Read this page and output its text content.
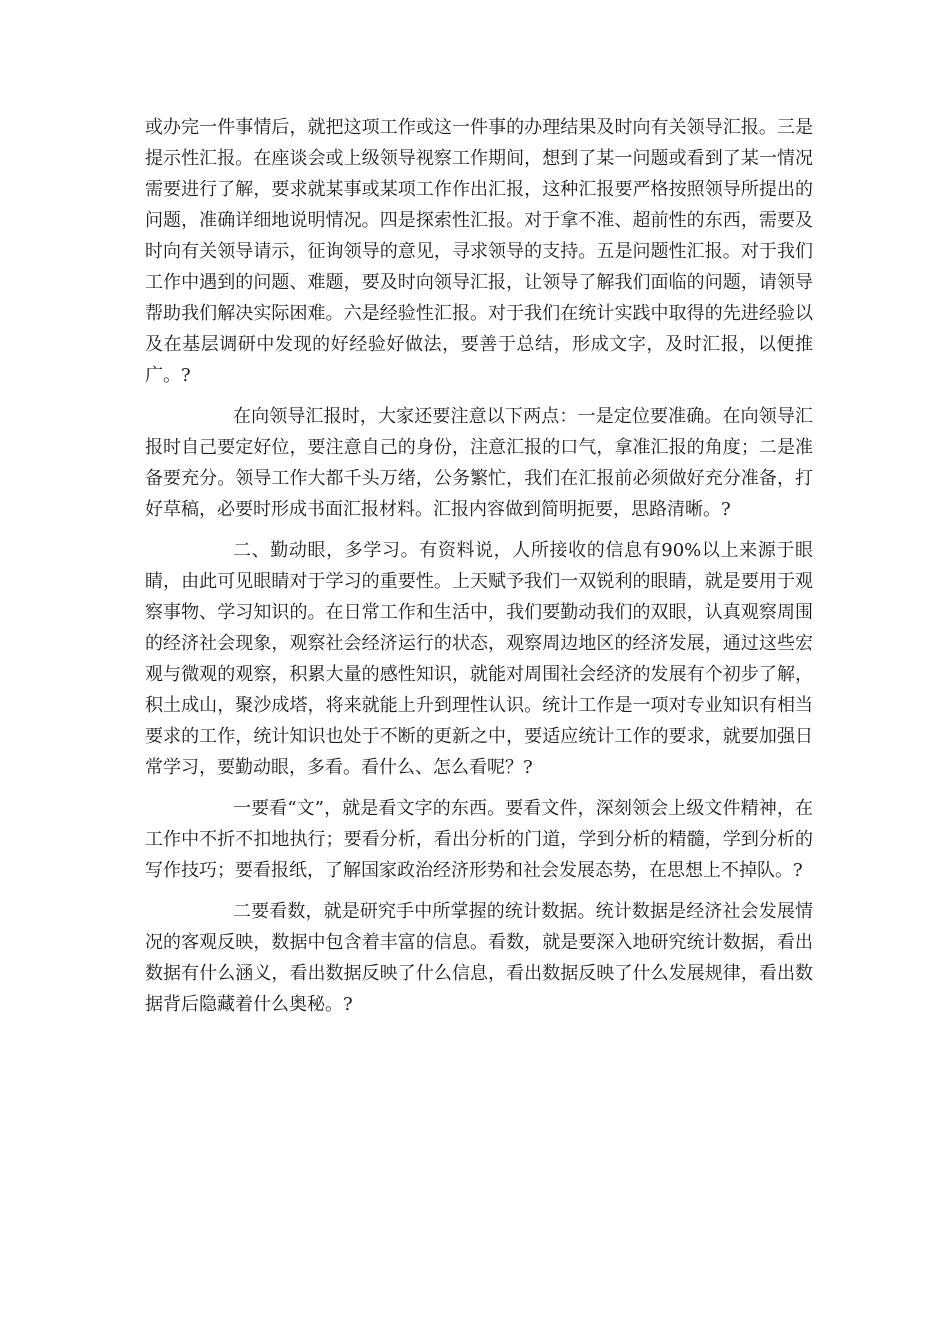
或办完一件事情后，就把这项工作或这一件事的办理结果及时向有关领导汇报。三是提示性汇报。在座谈会或上级领导视察工作期间，想到了某一问题或看到了某一情况需要进行了解，要求就某事或某项工作作出汇报，这种汇报要严格按照领导所提出的问题，准确详细地说明情况。四是探索性汇报。对于拿不准、超前性的东西，需要及时向有关领导请示，征询领导的意见，寻求领导的支持。五是问题性汇报。对于我们工作中遇到的问题、难题，要及时向领导汇报，让领导了解我们面临的问题，请领导帮助我们解决实际困难。六是经验性汇报。对于我们在统计实践中取得的先进经验以及在基层调研中发现的好经验好做法，要善于总结，形成文字，及时汇报，以便推广。?

在向领导汇报时，大家还要注意以下两点：一是定位要准确。在向领导汇报时自己要定好位，要注意自己的身份，注意汇报的口气，拿准汇报的角度；二是准备要充分。领导工作大都千头万绪，公务繁忙，我们在汇报前必须做好充分准备，打好草稿，必要时形成书面汇报材料。汇报内容做到简明扼要，思路清晰。?

二、勤动眼，多学习。有资料说，人所接收的信息有90%以上来源于眼睛，由此可见眼睛对于学习的重要性。上天赋予我们一双锐利的眼睛，就是要用于观察事物、学习知识的。在日常工作和生活中，我们要勤动我们的双眼，认真观察周围的经济社会现象，观察社会经济运行的状态，观察周边地区的经济发展，通过这些宏观与微观的观察，积累大量的感性知识，就能对周围社会经济的发展有个初步了解，积土成山，聚沙成塔，将来就能上升到理性认识。统计工作是一项对专业知识有相当要求的工作，统计知识也处于不断的更新之中，要适应统计工作的要求，就要加强日常学习，要勤动眼，多看。看什么、怎么看呢？?

一要看“文”，就是看文字的东西。要看文件，深刻领会上级文件精神，在工作中不折不扣地执行；要看分析，看出分析的门道，学到分析的精髓，学到分析的写作技巧；要看报纸，了解国家政治经济形势和社会发展态势，在思想上不掉队。?

二要看数，就是研究手中所掌握的统计数据。统计数据是经济社会发展情况的客观反映，数据中包含着丰富的信息。看数，就是要深入地研究统计数据，看出数据有什么涵义，看出数据反映了什么信息，看出数据反映了什么发展规律，看出数据背后隐藏着什么奥秘。?
